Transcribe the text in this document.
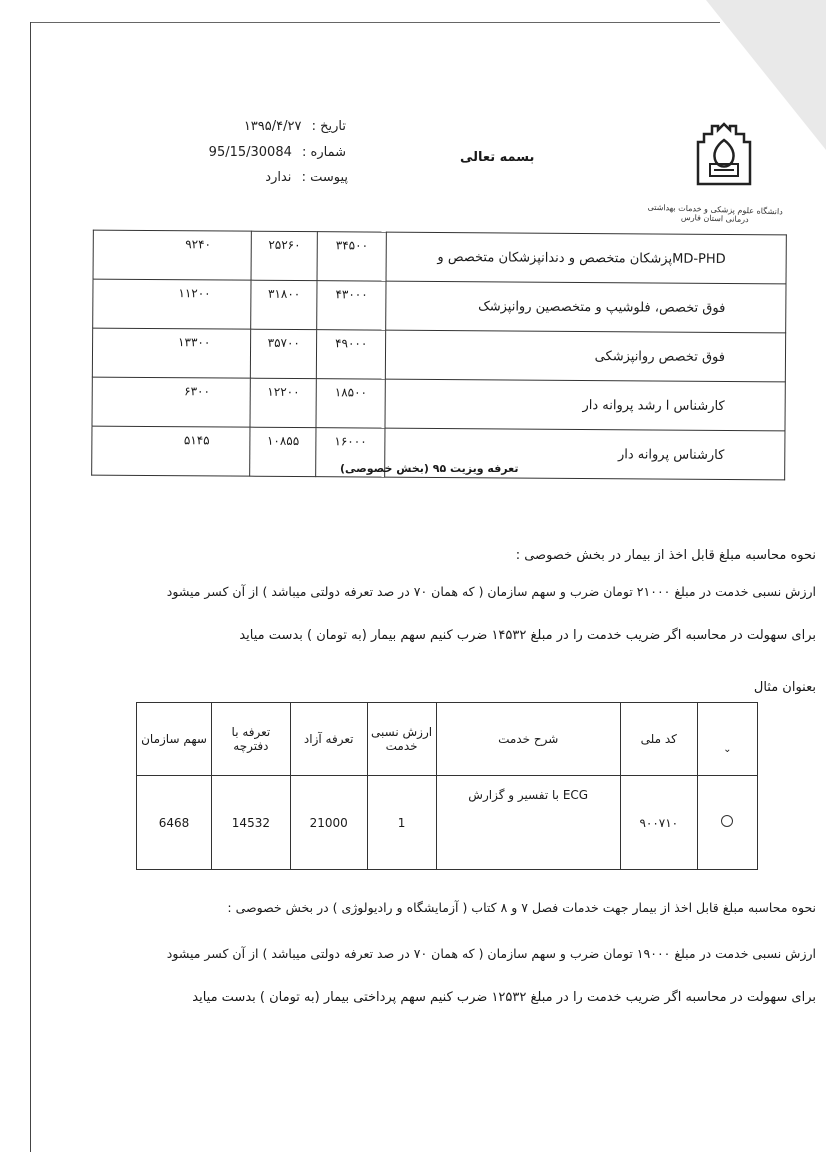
تاریخ : ۱۳۹۵/۴/۲۷
شماره : 95/15/30084
پیوست : ندارد
بسمه تعالی
دانشگاه علوم پزشکی و خدمات بهداشتی درمانی استان فارس
MD-PHDپزشکان متخصص و دندانپزشکان متخصص و	۳۴۵۰۰	۲۵۲۶۰	۹۲۴۰
فوق تخصص، فلوشیپ و متخصصین روانپزشک	۴۳۰۰۰	۳۱۸۰۰	۱۱۲۰۰
فوق تخصص روانپزشکی	۴۹۰۰۰	۳۵۷۰۰	۱۳۳۰۰
کارشناس ا رشد پروانه دار	۱۸۵۰۰	۱۲۲۰۰	۶۳۰۰
کارشناس پروانه دار	۱۶۰۰۰	۱۰۸۵۵	۵۱۴۵
تعرفه ویزیت ۹۵ (بخش خصوصی)
نحوه محاسبه مبلغ قابل اخذ از بیمار در بخش خصوصی :
ارزش نسبی خدمت در مبلغ ۲۱۰۰۰ تومان ضرب و سهم سازمان ( که همان ۷۰ در صد تعرفه دولتی میباشد ) از آن کسر میشود
برای سهولت در محاسبه اگر ضریب خدمت را در مبلغ ۱۴۵۳۲ ضرب کنیم سهم بیمار (به تومان ) بدست میاید
بعنوان مثال
⌄	کد ملی	شرح خدمت	ارزش نسبی خدمت	تعرفه آزاد	تعرفه با دفترچه	سهم سازمان
	۹۰۰۷۱۰	ECG با تفسیر و گزارش	1	21000	14532	6468
نحوه محاسبه مبلغ قابل اخذ از بیمار جهت خدمات فصل ۷ و ۸ کتاب ( آزمایشگاه و رادیولوژی ) در بخش خصوصی :
ارزش نسبی خدمت در مبلغ ۱۹۰۰۰ تومان ضرب و سهم سازمان ( که همان ۷۰ در صد تعرفه دولتی میباشد ) از آن کسر میشود
برای سهولت در محاسبه اگر ضریب خدمت را در مبلغ ۱۲۵۳۲ ضرب کنیم سهم پرداختی بیمار (به تومان ) بدست میاید
